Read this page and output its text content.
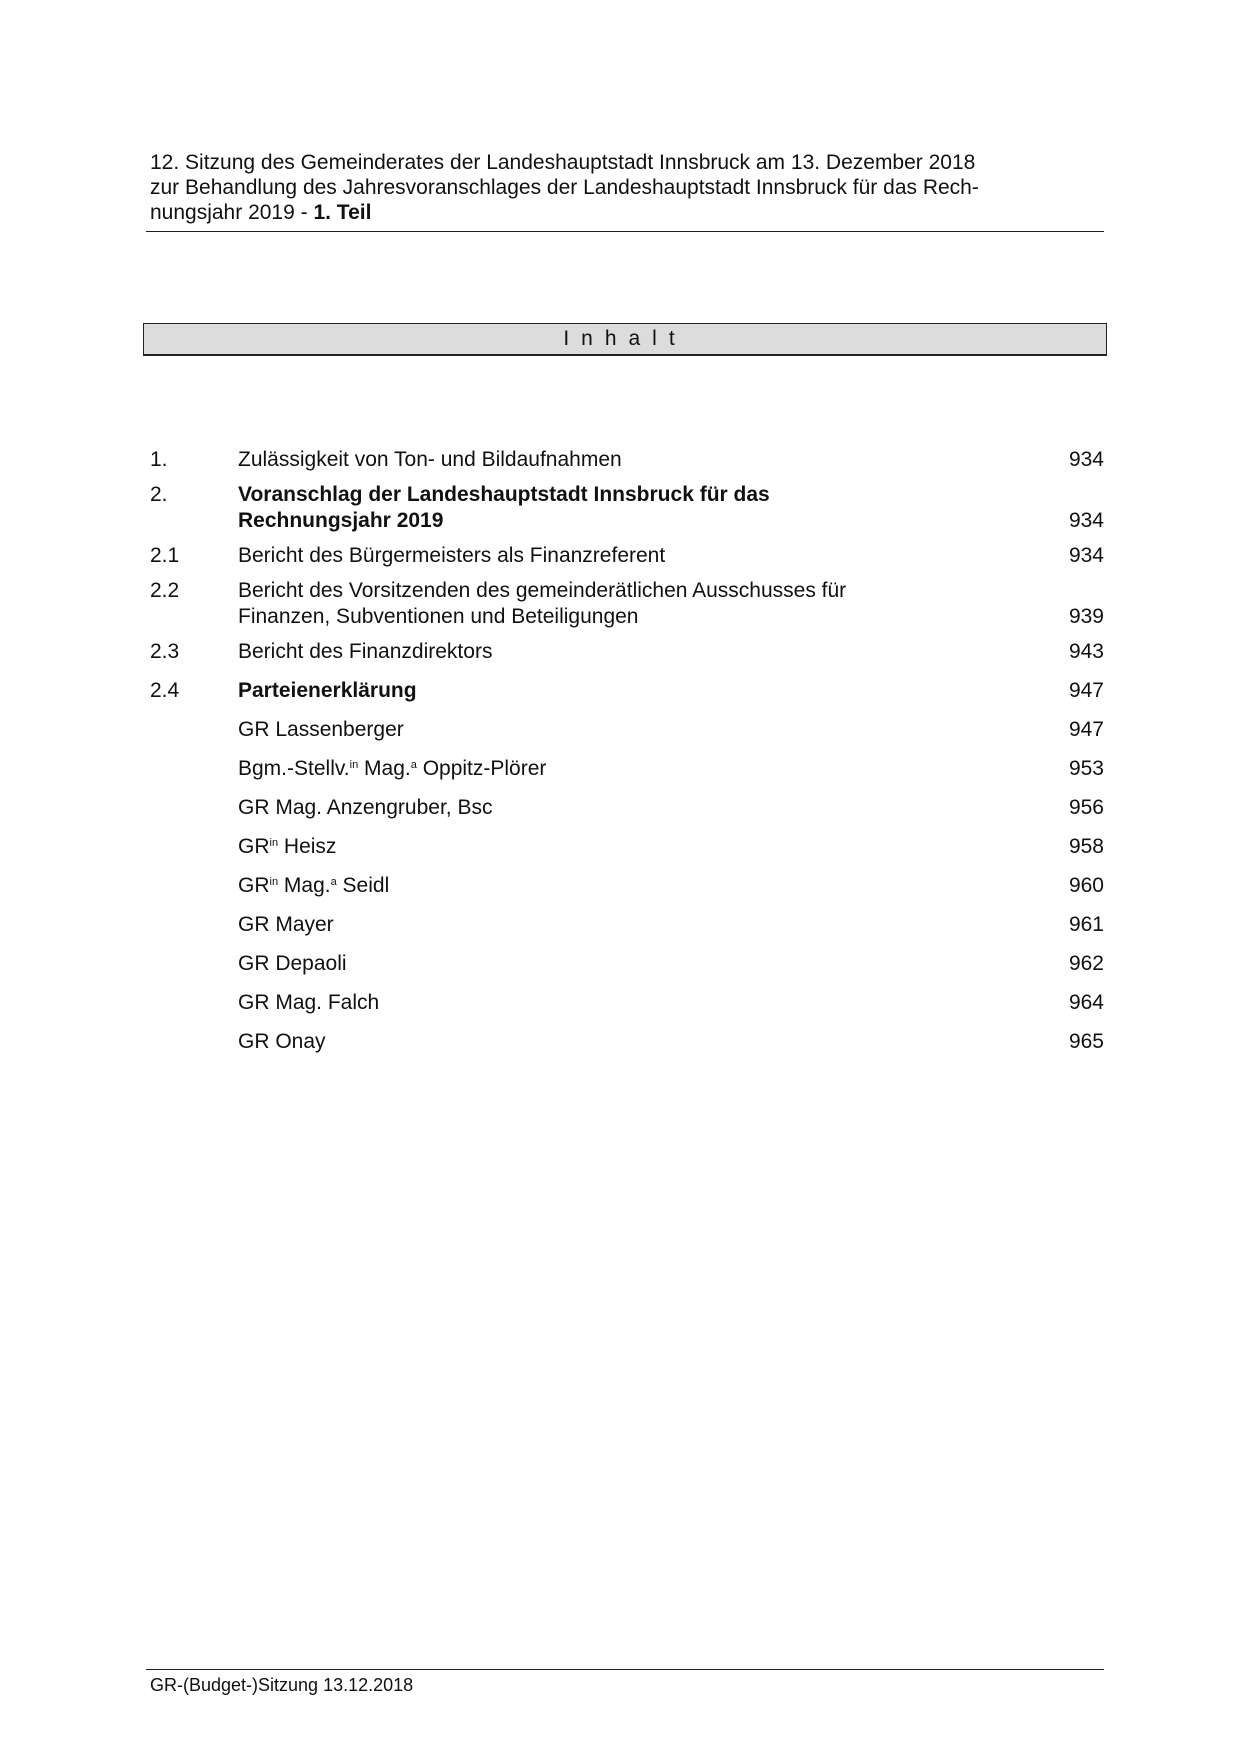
12. Sitzung des Gemeinderates der Landeshauptstadt Innsbruck am 13. Dezember 2018
zur Behandlung des Jahresvoranschlages der Landeshauptstadt Innsbruck für das Rech-
nungsjahr 2019 - 1. Teil
Inhalt
1.	Zulässigkeit von Ton- und Bildaufnahmen	934
2.	Voranschlag der Landeshauptstadt Innsbruck für das
Rechnungsjahr 2019	934
2.1	Bericht des Bürgermeisters als Finanzreferent	934
2.2	Bericht des Vorsitzenden des gemeinderätlichen Ausschusses für
Finanzen, Subventionen und Beteiligungen	939
2.3	Bericht des Finanzdirektors	943
2.4	Parteienerklärung	947
GR Lassenberger	947
Bgm.-Stellv.$^{in}$ Mag.$^a$ Oppitz-Plörer	953
GR Mag. Anzengruber, Bsc	956
$GR^{in}$ Heisz	958
$GR^{in}$ Mag.$^a$ Seidl	960
GR Mayer	961
GR Depaoli	962
GR Mag. Falch	964
GR Onay	965
GR-(Budget-)Sitzung 13.12.2018
